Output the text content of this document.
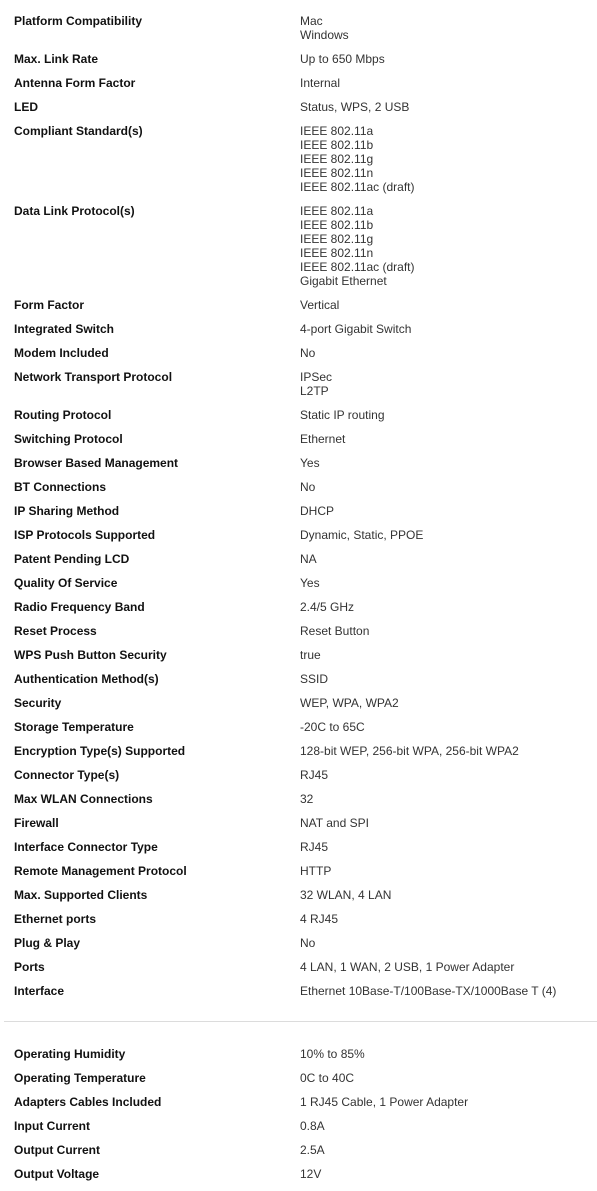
Platform Compatibility	Mac
Windows
Max. Link Rate	Up to 650 Mbps
Antenna Form Factor	Internal
LED	Status, WPS, 2 USB
Compliant Standard(s)	IEEE 802.11a
IEEE 802.11b
IEEE 802.11g
IEEE 802.11n
IEEE 802.11ac (draft)
Data Link Protocol(s)	IEEE 802.11a
IEEE 802.11b
IEEE 802.11g
IEEE 802.11n
IEEE 802.11ac (draft)
Gigabit Ethernet
Form Factor	Vertical
Integrated Switch	4-port Gigabit Switch
Modem Included	No
Network Transport Protocol	IPSec
L2TP
Routing Protocol	Static IP routing
Switching Protocol	Ethernet
Browser Based Management	Yes
BT Connections	No
IP Sharing Method	DHCP
ISP Protocols Supported	Dynamic, Static, PPOE
Patent Pending LCD	NA
Quality Of Service	Yes
Radio Frequency Band	2.4/5 GHz
Reset Process	Reset Button
WPS Push Button Security	true
Authentication Method(s)	SSID
Security	WEP, WPA, WPA2
Storage Temperature	-20C to 65C
Encryption Type(s) Supported	128-bit WEP, 256-bit WPA, 256-bit WPA2
Connector Type(s)	RJ45
Max WLAN Connections	32
Firewall	NAT and SPI
Interface Connector Type	RJ45
Remote Management Protocol	HTTP
Max. Supported Clients	32 WLAN, 4 LAN
Ethernet ports	4 RJ45
Plug & Play	No
Ports	4 LAN, 1 WAN, 2 USB, 1 Power Adapter
Interface	Ethernet 10Base-T/100Base-TX/1000Base T (4)
Operating Humidity	10% to 85%
Operating Temperature	0C to 40C
Adapters Cables Included	1 RJ45 Cable, 1 Power Adapter
Input Current	0.8A
Output Current	2.5A
Output Voltage	12V
